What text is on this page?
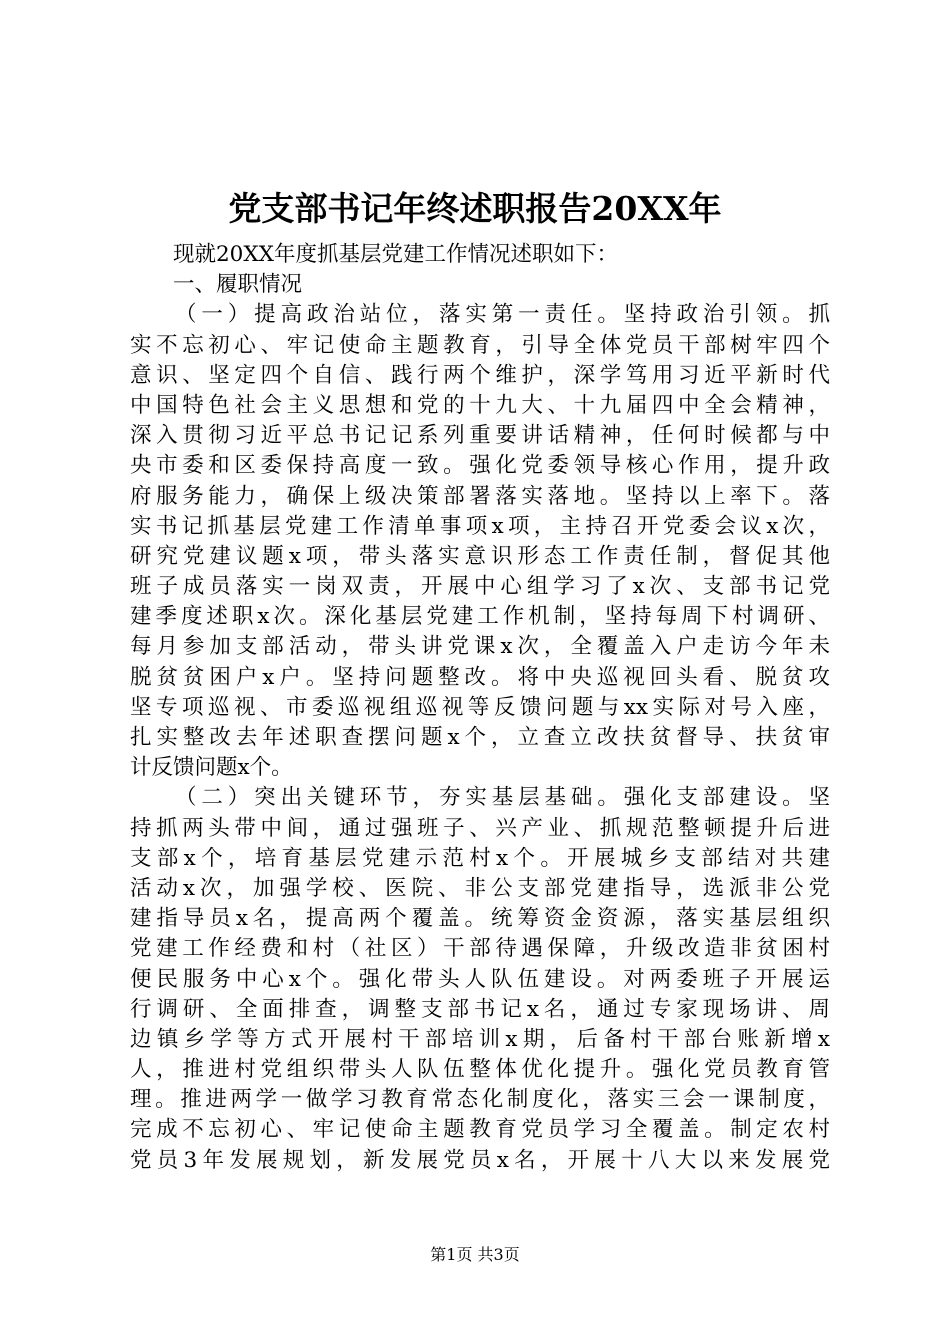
党支部书记年终述职报告20XX年
现就20XX年度抓基层党建工作情况述职如下：
一、履职情况
（一）提高政治站位，落实第一责任。坚持政治引领。抓
实不忘初心、牢记使命主题教育，引导全体党员干部树牢四个
意识、坚定四个自信、践行两个维护，深学笃用习近平新时代
中国特色社会主义思想和党的十九大、十九届四中全会精神，
深入贯彻习近平总书记记系列重要讲话精神，任何时候都与中
央市委和区委保持高度一致。强化党委领导核心作用，提升政
府服务能力，确保上级决策部署落实落地。坚持以上率下。落
实书记抓基层党建工作清单事项x项，主持召开党委会议x次，
研究党建议题x项，带头落实意识形态工作责任制，督促其他
班子成员落实一岗双责，开展中心组学习了x次、支部书记党
建季度述职x次。深化基层党建工作机制，坚持每周下村调研、
每月参加支部活动，带头讲党课x次，全覆盖入户走访今年未
脱贫贫困户x户。坚持问题整改。将中央巡视回头看、脱贫攻
坚专项巡视、市委巡视组巡视等反馈问题与xx实际对号入座，
扎实整改去年述职查摆问题x个，立查立改扶贫督导、扶贫审
计反馈问题x个。
（二）突出关键环节，夯实基层基础。强化支部建设。坚
持抓两头带中间，通过强班子、兴产业、抓规范整顿提升后进
支部x个，培育基层党建示范村x个。开展城乡支部结对共建
活动x次，加强学校、医院、非公支部党建指导，选派非公党
建指导员x名，提高两个覆盖。统筹资金资源，落实基层组织
党建工作经费和村（社区）干部待遇保障，升级改造非贫困村
便民服务中心x个。强化带头人队伍建设。对两委班子开展运
行调研、全面排查，调整支部书记x名，通过专家现场讲、周
边镇乡学等方式开展村干部培训x期，后备村干部台账新增x
人，推进村党组织带头人队伍整体优化提升。强化党员教育管
理。推进两学一做学习教育常态化制度化，落实三会一课制度，
完成不忘初心、牢记使命主题教育党员学习全覆盖。制定农村
党员3年发展规划，新发展党员x名，开展十八大以来发展党
第1页 共3页
